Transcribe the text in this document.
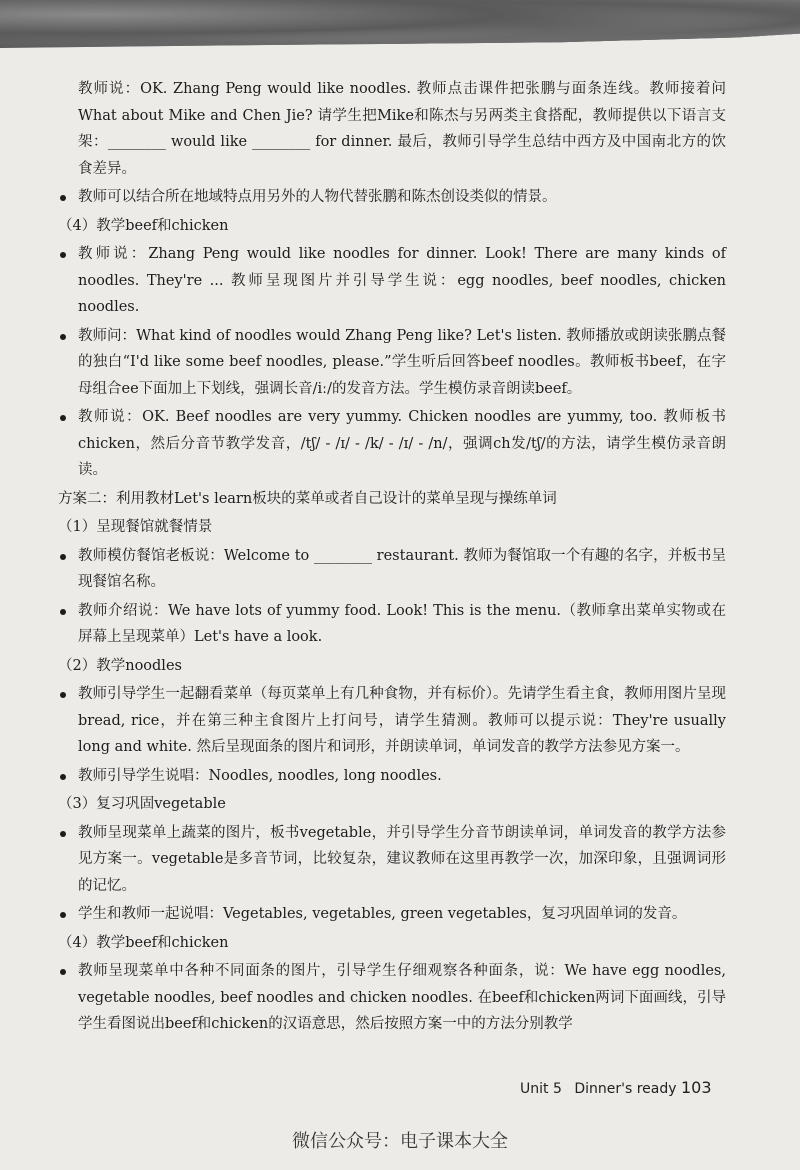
教师说：OK. Zhang Peng would like noodles. 教师点击课件把张鹏与面条连线。教师接着问What about Mike and Chen Jie? 请学生把Mike和陈杰与另两类主食搭配，教师提供以下语言支架：________ would like ________ for dinner. 最后，教师引导学生总结中西方及中国南北方的饮食差异。

教师可以结合所在地域特点用另外的人物代替张鹏和陈杰创设类似的情景。

（4）教学beef和chicken

教师说：Zhang Peng would like noodles for dinner. Look! There are many kinds of noodles. They're ... 教师呈现图片并引导学生说：egg noodles, beef noodles, chicken noodles.

教师问：What kind of noodles would Zhang Peng like? Let's listen. 教师播放或朗读张鹏点餐的独白“I'd like some beef noodles, please.”学生听后回答beef noodles。教师板书beef，在字母组合ee下面加上下划线，强调长音/iː/的发音方法。学生模仿录音朗读beef。

教师说：OK. Beef noodles are very yummy. Chicken noodles are yummy, too. 教师板书chicken，然后分音节教学发音，/tʃ/ - /ɪ/ - /k/ - /ɪ/ - /n/，强调ch发/tʃ/的方法，请学生模仿录音朗读。

方案二：利用教材Let's learn板块的菜单或者自己设计的菜单呈现与操练单词

（1）呈现餐馆就餐情景

教师模仿餐馆老板说：Welcome to ________ restaurant. 教师为餐馆取一个有趣的名字，并板书呈现餐馆名称。

教师介绍说：We have lots of yummy food. Look! This is the menu.（教师拿出菜单实物或在屏幕上呈现菜单）Let's have a look.

（2）教学noodles

教师引导学生一起翻看菜单（每页菜单上有几种食物，并有标价）。先请学生看主食，教师用图片呈现bread, rice，并在第三种主食图片上打问号，请学生猜测。教师可以提示说：They're usually long and white. 然后呈现面条的图片和词形，并朗读单词，单词发音的教学方法参见方案一。

教师引导学生说唱：Noodles, noodles, long noodles.

（3）复习巩固vegetable

教师呈现菜单上蔬菜的图片，板书vegetable，并引导学生分音节朗读单词，单词发音的教学方法参见方案一。vegetable是多音节词，比较复杂，建议教师在这里再教学一次，加深印象，且强调词形的记忆。

学生和教师一起说唱：Vegetables, vegetables, green vegetables，复习巩固单词的发音。

（4）教学beef和chicken

教师呈现菜单中各种不同面条的图片，引导学生仔细观察各种面条，说：We have egg noodles, vegetable noodles, beef noodles and chicken noodles. 在beef和chicken两词下面画线，引导学生看图说出beef和chicken的汉语意思，然后按照方案一中的方法分别教学

Unit 5 Dinner's ready 103
微信公众号：电子课本大全
